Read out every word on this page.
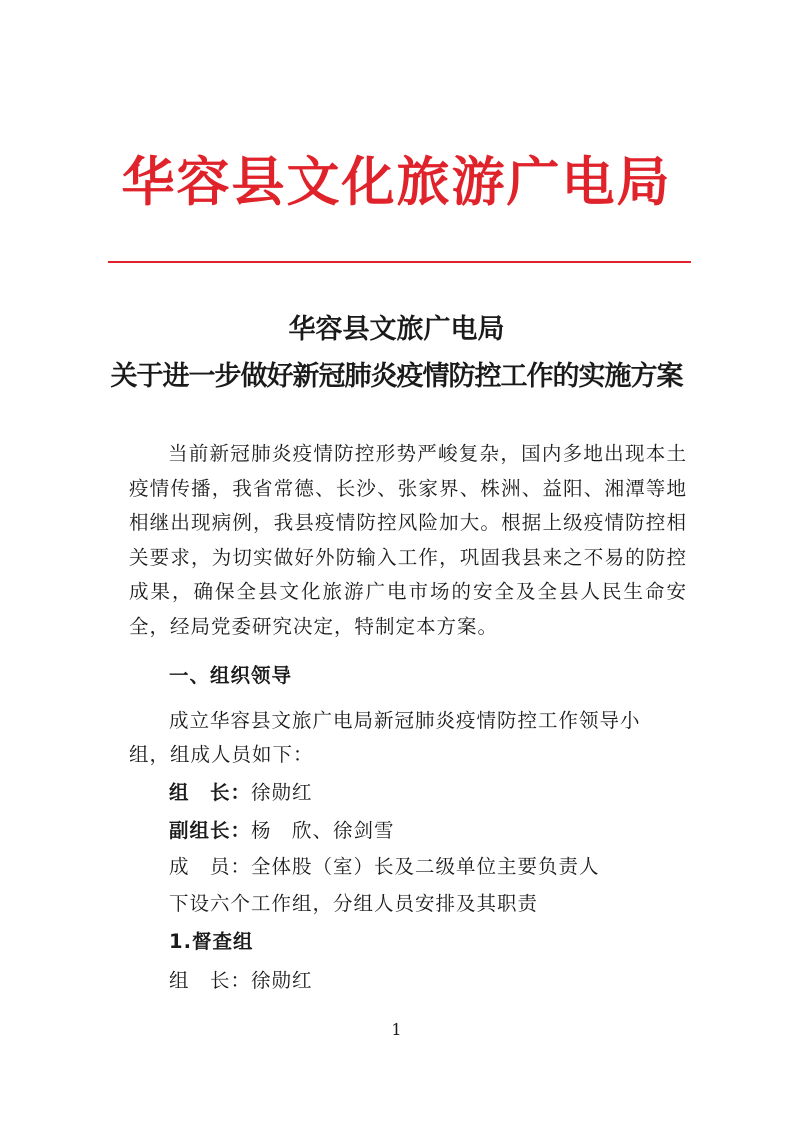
华容县文化旅游广电局
华容县文旅广电局
关于进一步做好新冠肺炎疫情防控工作的实施方案
当前新冠肺炎疫情防控形势严峻复杂，国内多地出现本土疫情传播，我省常德、长沙、张家界、株洲、益阳、湘潭等地相继出现病例，我县疫情防控风险加大。根据上级疫情防控相关要求，为切实做好外防输入工作，巩固我县来之不易的防控成果，确保全县文化旅游广电市场的安全及全县人民生命安全，经局党委研究决定，特制定本方案。
一、组织领导
成立华容县文旅广电局新冠肺炎疫情防控工作领导小
组，组成人员如下：
组　长：徐勋红
副组长：杨　欣、徐剑雪
成　员：全体股（室）长及二级单位主要负责人
下设六个工作组，分组人员安排及其职责
1.督查组
组　长：徐勋红
1
